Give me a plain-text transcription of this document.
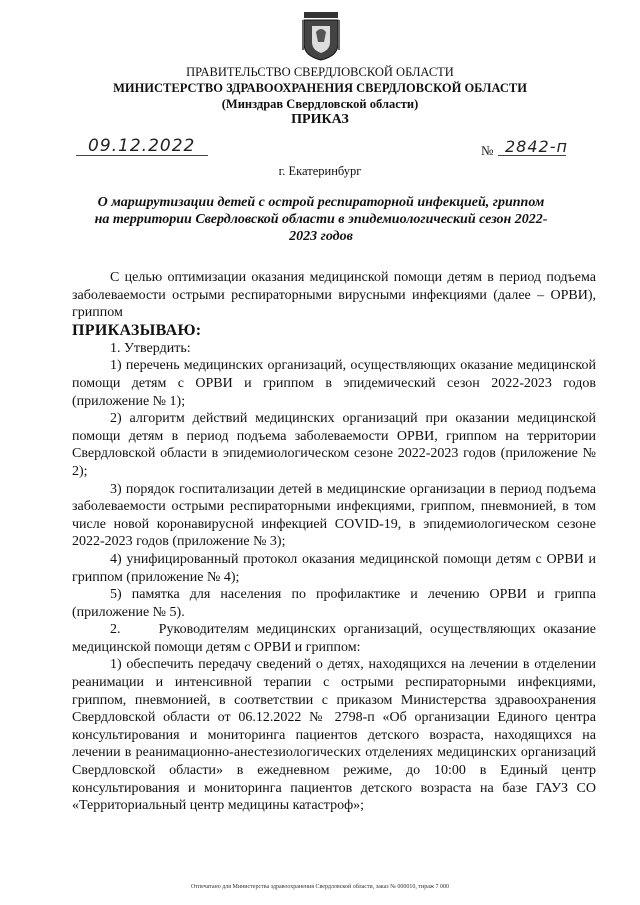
ПРАВИТЕЛЬСТВО СВЕРДЛОВСКОЙ ОБЛАСТИ
МИНИСТЕРСТВО ЗДРАВООХРАНЕНИЯ СВЕРДЛОВСКОЙ ОБЛАСТИ
(Минздрав Свердловской области)
ПРИКАЗ
09.12.2022	№ 2842-п
г. Екатеринбург
О маршрутизации детей с острой респираторной инфекцией, гриппом на территории Свердловской области в эпидемиологический сезон 2022-2023 годов

С целью оптимизации оказания медицинской помощи детям в период подъема заболеваемости острыми респираторными вирусными инфекциями (далее – ОРВИ), гриппом

ПРИКАЗЫВАЮ:

1. Утвердить:

1) перечень медицинских организаций, осуществляющих оказание медицинской помощи детям с ОРВИ и гриппом в эпидемический сезон 2022-2023 годов (приложение № 1);

2) алгоритм действий медицинских организаций при оказании медицинской помощи детям в период подъема заболеваемости ОРВИ, гриппом на территории Свердловской области в эпидемиологическом сезоне 2022-2023 годов (приложение № 2);

3) порядок госпитализации детей в медицинские организации в период подъема заболеваемости острыми респираторными инфекциями, гриппом, пневмонией, в том числе новой коронавирусной инфекцией COVID-19, в эпидемиологическом сезоне 2022-2023 годов (приложение № 3);

4) унифицированный протокол оказания медицинской помощи детям с ОРВИ и гриппом (приложение № 4);

5) памятка для населения по профилактике и лечению ОРВИ и гриппа (приложение № 5).

2.     Руководителям медицинских организаций, осуществляющих оказание медицинской помощи детям с ОРВИ и гриппом:

1) обеспечить передачу сведений о детях, находящихся на лечении в отделении реанимации и интенсивной терапии с острыми респираторными инфекциями, гриппом, пневмонией, в соответствии с приказом Министерства здравоохранения Свердловской области от 06.12.2022 № 2798-п «Об организации Единого центра консультирования и мониторинга пациентов детского возраста, находящихся на лечении в реанимационно-анестезиологических отделениях медицинских организаций Свердловской области» в ежедневном режиме, до 10:00 в Единый центр консультирования и мониторинга пациентов детского возраста на базе ГАУЗ СО «Территориальный центр медицины катастроф»;

Отпечатано для Министерства здравоохранения Свердловской области, заказ № 000010, тираж 7 000
